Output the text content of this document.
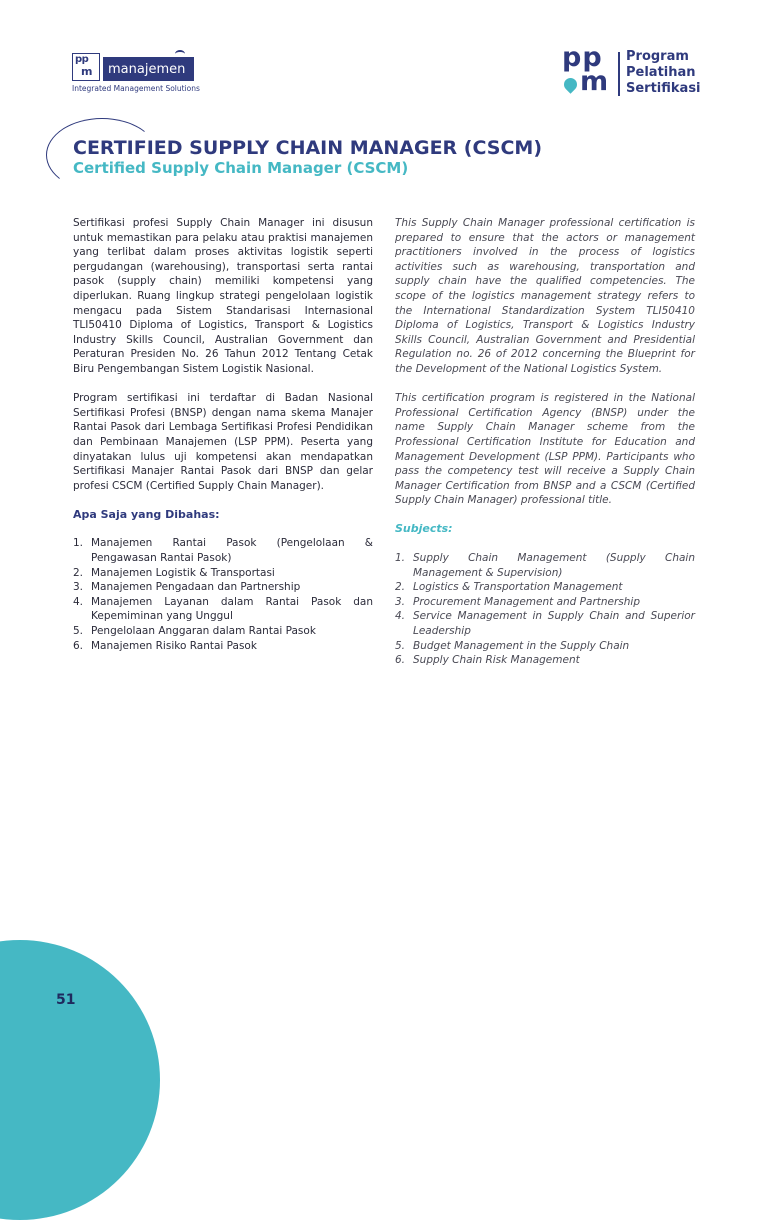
pp
m	manajemen
Integrated Management Solutions
pp
m
Program
Pelatihan
Sertifikasi
CERTIFIED SUPPLY CHAIN MANAGER (CSCM)
Certified Supply Chain Manager (CSCM)

Sertifikasi profesi Supply Chain Manager ini disusun untuk memastikan para pelaku atau praktisi manajemen yang terlibat dalam proses aktivitas logistik seperti pergudangan (warehousing), transportasi serta rantai pasok (supply chain) memiliki kompetensi yang diperlukan. Ruang lingkup strategi pengelolaan logistik mengacu pada Sistem Standarisasi Internasional TLI50410 Diploma of Logistics, Transport & Logistics Industry Skills Council, Australian Government dan Peraturan Presiden No. 26 Tahun 2012 Tentang Cetak Biru Pengembangan Sistem Logistik Nasional.

Program sertifikasi ini terdaftar di Badan Nasional Sertifikasi Profesi (BNSP) dengan nama skema Manajer Rantai Pasok dari Lembaga Sertifikasi Profesi Pendidikan dan Pembinaan Manajemen (LSP PPM). Peserta yang dinyatakan lulus uji kompetensi akan mendapatkan Sertifikasi Manajer Rantai Pasok dari BNSP dan gelar profesi CSCM (Certified Supply Chain Manager).

Apa Saja yang Dibahas:
1. Manajemen Rantai Pasok (Pengelolaan & Pengawasan Rantai Pasok)
2. Manajemen Logistik & Transportasi
3. Manajemen Pengadaan dan Partnership
4. Manajemen Layanan dalam Rantai Pasok dan Kepemiminan yang Unggul
5. Pengelolaan Anggaran dalam Rantai Pasok
6. Manajemen Risiko Rantai Pasok

This Supply Chain Manager professional certification is prepared to ensure that the actors or management practitioners involved in the process of logistics activities such as warehousing, transportation and supply chain have the qualified competencies. The scope of the logistics management strategy refers to the International Standardization System TLI50410 Diploma of Logistics, Transport & Logistics Industry Skills Council, Australian Government and Presidential Regulation no. 26 of 2012 concerning the Blueprint for the Development of the National Logistics System.

This certification program is registered in the National Professional Certification Agency (BNSP) under the name Supply Chain Manager scheme from the Professional Certification Institute for Education and Management Development (LSP PPM). Participants who pass the competency test will receive a Supply Chain Manager Certification from BNSP and a CSCM (Certified Supply Chain Manager) professional title.

Subjects:
1. Supply Chain Management (Supply Chain Management & Supervision)
2. Logistics & Transportation Management
3. Procurement Management and Partnership
4. Service Management in Supply Chain and Superior Leadership
5. Budget Management in the Supply Chain
6. Supply Chain Risk Management
51
